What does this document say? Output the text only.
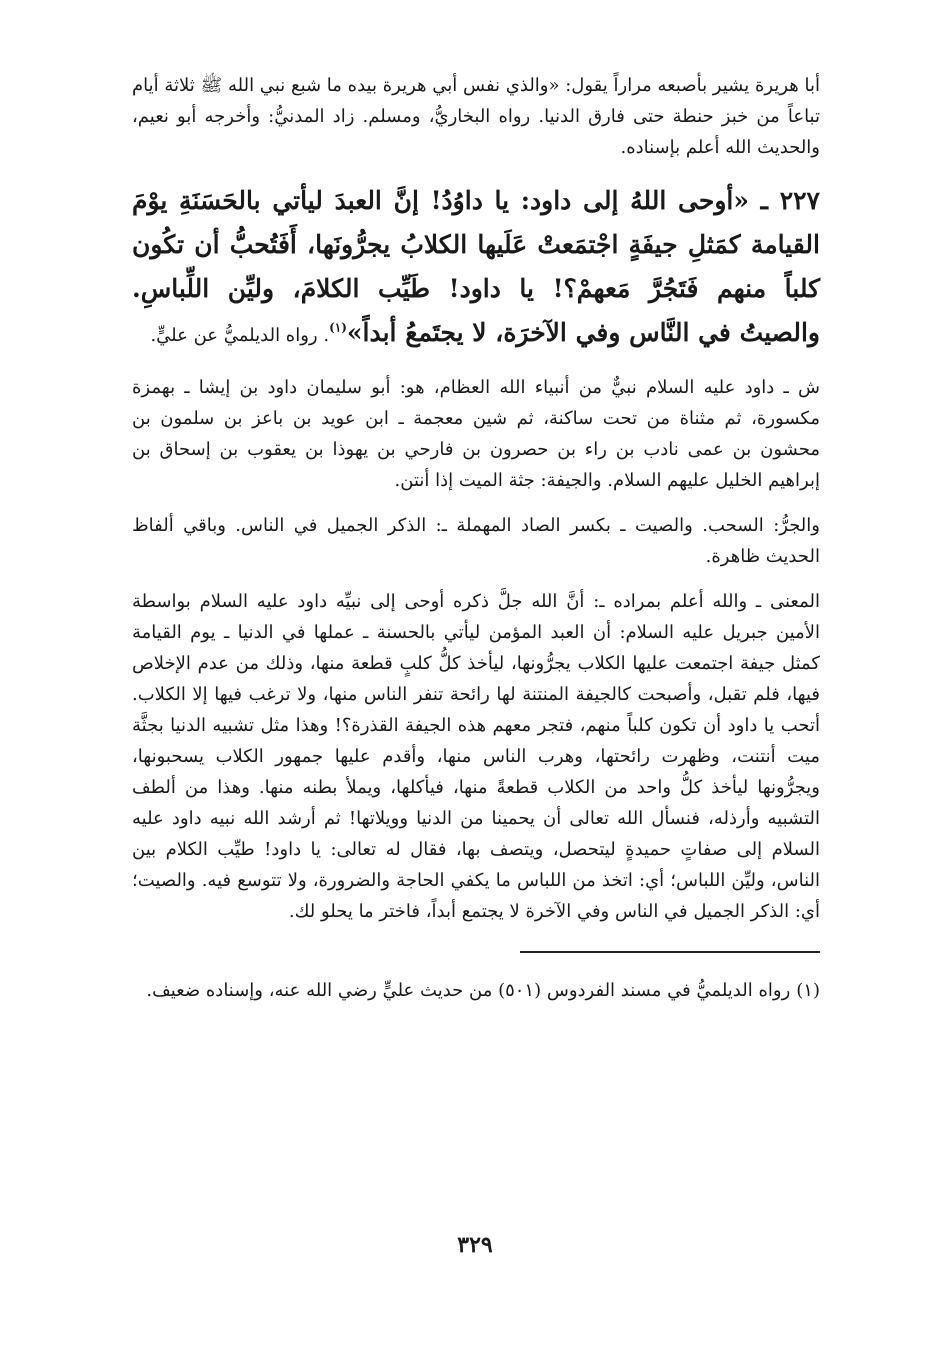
أبا هريرة يشير بأصبعه مراراً يقول: «والذي نفس أبي هريرة بيده ما شبع نبي الله ﷺ ثلاثة أيام تباعاً من خبز حنطة حتى فارق الدنيا. رواه البخاريُّ، ومسلم. زاد المدنيُّ: وأخرجه أبو نعيم، والحديث الله أعلم بإسناده.

٢٢٧ ـ «أوحى اللهُ إلى داود: يا داوُدُ! إنَّ العبدَ ليأتي بالحَسَنَةِ يوْمَ القيامة كمَثلِ جيفَةٍ اجْتمَعتْ عَلَيها الكلابُ يجرُّونَها، أَفَتُحبُّ أن تكُون كلباً منهم فَتَجُرَّ مَعهمْ؟! يا داود! طَيِّب الكلامَ، وليِّن اللِّباسِ. والصيتُ في النَّاس وفي الآخرَة، لا يجتَمعُ أبداً»$^{(١)}$. رواه الديلميُّ عن عليٍّ.

ش ـ داود عليه السلام نبيٌّ من أنبياء الله العظام، هو: أبو سليمان داود بن إيشا ـ بهمزة مكسورة، ثم مثناة من تحت ساكنة، ثم شين معجمة ـ ابن عويد بن باعز بن سلمون بن محشون بن عمى نادب بن راء بن حصرون بن فارحي بن يهوذا بن يعقوب بن إسحاق بن إبراهيم الخليل عليهم السلام. والجيفة: جثة الميت إذا أنتن.

والجرُّ: السحب. والصيت ـ بكسر الصاد المهملة ـ: الذكر الجميل في الناس. وباقي ألفاظ الحديث ظاهرة.

المعنى ـ والله أعلم بمراده ـ: أنَّ الله جلَّ ذكره أوحى إلى نبيِّه داود عليه السلام بواسطة الأمين جبريل عليه السلام: أن العبد المؤمن ليأتي بالحسنة ـ عملها في الدنيا ـ يوم القيامة كمثل جيفة اجتمعت عليها الكلاب يجرُّونها، ليأخذ كلُّ كلبٍ قطعة منها، وذلك من عدم الإخلاص فيها، فلم تقبل، وأصبحت كالجيفة المنتنة لها رائحة تنفر الناس منها، ولا ترغب فيها إلا الكلاب. أتحب يا داود أن تكون كلباً منهم، فتجر معهم هذه الجيفة القذرة؟! وهذا مثل تشبيه الدنيا بجثَّة ميت أنتنت، وظهرت رائحتها، وهرب الناس منها، وأقدم عليها جمهور الكلاب يسحبونها، ويجرُّونها ليأخذ كلُّ واحد من الكلاب قطعةً منها، فيأكلها، ويملأ بطنه منها. وهذا من ألطف التشبيه وأرذله، فنسأل الله تعالى أن يحمينا من الدنيا وويلاتها! ثم أرشد الله نبيه داود عليه السلام إلى صفاتٍ حميدةٍ ليتحصل، ويتصف بها، فقال له تعالى: يا داود! طيِّب الكلام بين الناس، وليِّن اللباس؛ أي: اتخذ من اللباس ما يكفي الحاجة والضرورة، ولا تتوسع فيه. والصيت؛ أي: الذكر الجميل في الناس وفي الآخرة لا يجتمع أبداً، فاختر ما يحلو لك.

(١)رواه الديلميُّ في مسند الفردوس (٥٠١) من حديث عليٍّ رضي الله عنه، وإسناده ضعيف.

٣٢٩
